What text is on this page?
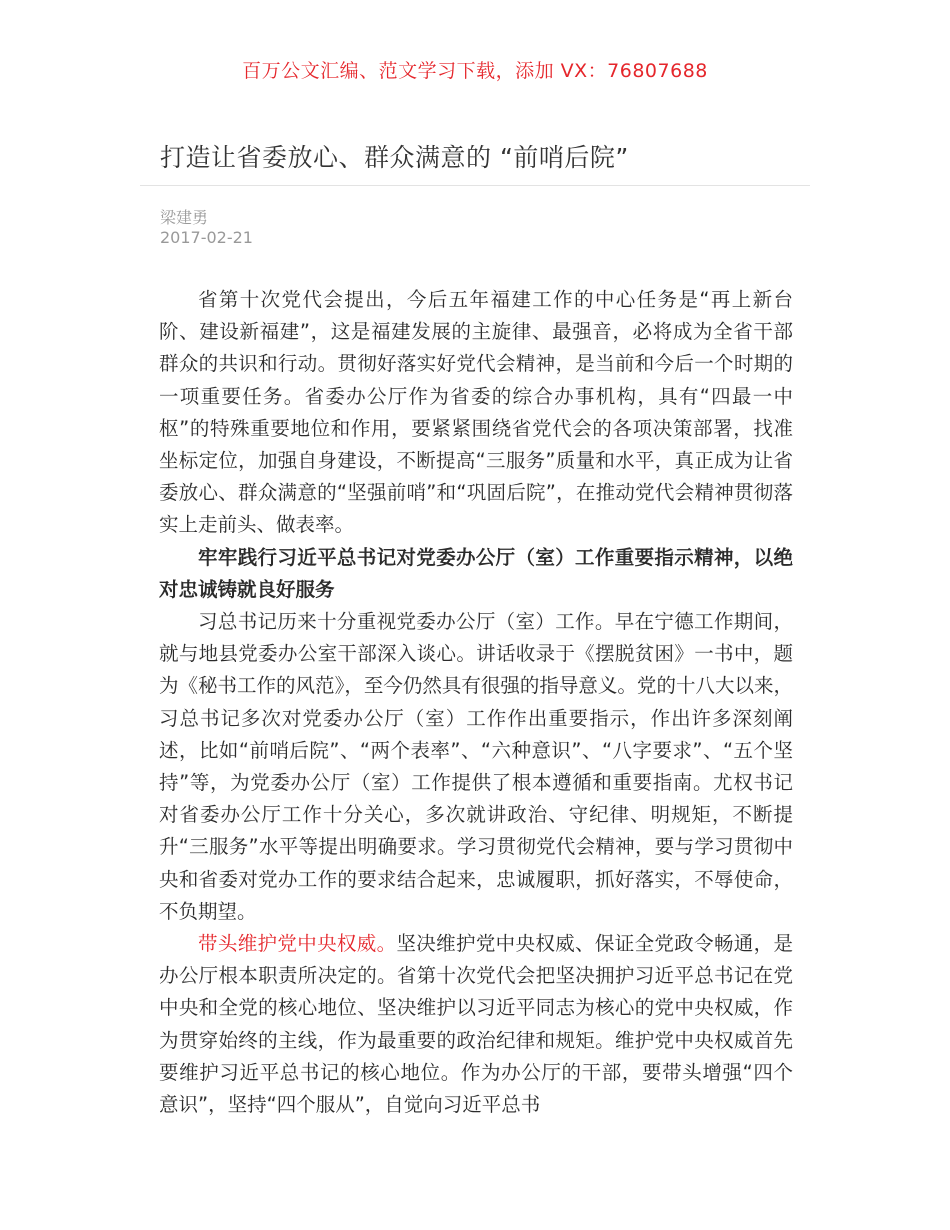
百万公文汇编、范文学习下载，添加 VX：76807688
打造让省委放心、群众满意的 “前哨后院”
梁建勇
2017-02-21

省第十次党代会提出，今后五年福建工作的中心任务是“再上新台阶、建设新福建”，这是福建发展的主旋律、最强音，必将成为全省干部群众的共识和行动。贯彻好落实好党代会精神，是当前和今后一个时期的一项重要任务。省委办公厅作为省委的综合办事机构，具有“四最一中枢”的特殊重要地位和作用，要紧紧围绕省党代会的各项决策部署，找准坐标定位，加强自身建设，不断提高“三服务”质量和水平，真正成为让省委放心、群众满意的“坚强前哨”和“巩固后院”，在推动党代会精神贯彻落实上走前头、做表率。

牢牢践行习近平总书记对党委办公厅（室）工作重要指示精神，以绝对忠诚铸就良好服务

习总书记历来十分重视党委办公厅（室）工作。早在宁德工作期间，就与地县党委办公室干部深入谈心。讲话收录于《摆脱贫困》一书中，题为《秘书工作的风范》，至今仍然具有很强的指导意义。党的十八大以来，习总书记多次对党委办公厅（室）工作作出重要指示，作出许多深刻阐述，比如“前哨后院”、“两个表率”、“六种意识”、“八字要求”、“五个坚持”等，为党委办公厅（室）工作提供了根本遵循和重要指南。尤权书记对省委办公厅工作十分关心，多次就讲政治、守纪律、明规矩，不断提升“三服务”水平等提出明确要求。学习贯彻党代会精神，要与学习贯彻中央和省委对党办工作的要求结合起来，忠诚履职，抓好落实，不辱使命，不负期望。

带头维护党中央权威。坚决维护党中央权威、保证全党政令畅通，是办公厅根本职责所决定的。省第十次党代会把坚决拥护习近平总书记在党中央和全党的核心地位、坚决维护以习近平同志为核心的党中央权威，作为贯穿始终的主线，作为最重要的政治纪律和规矩。维护党中央权威首先要维护习近平总书记的核心地位。作为办公厅的干部，要带头增强“四个意识”，坚持“四个服从”，自觉向习近平总书
